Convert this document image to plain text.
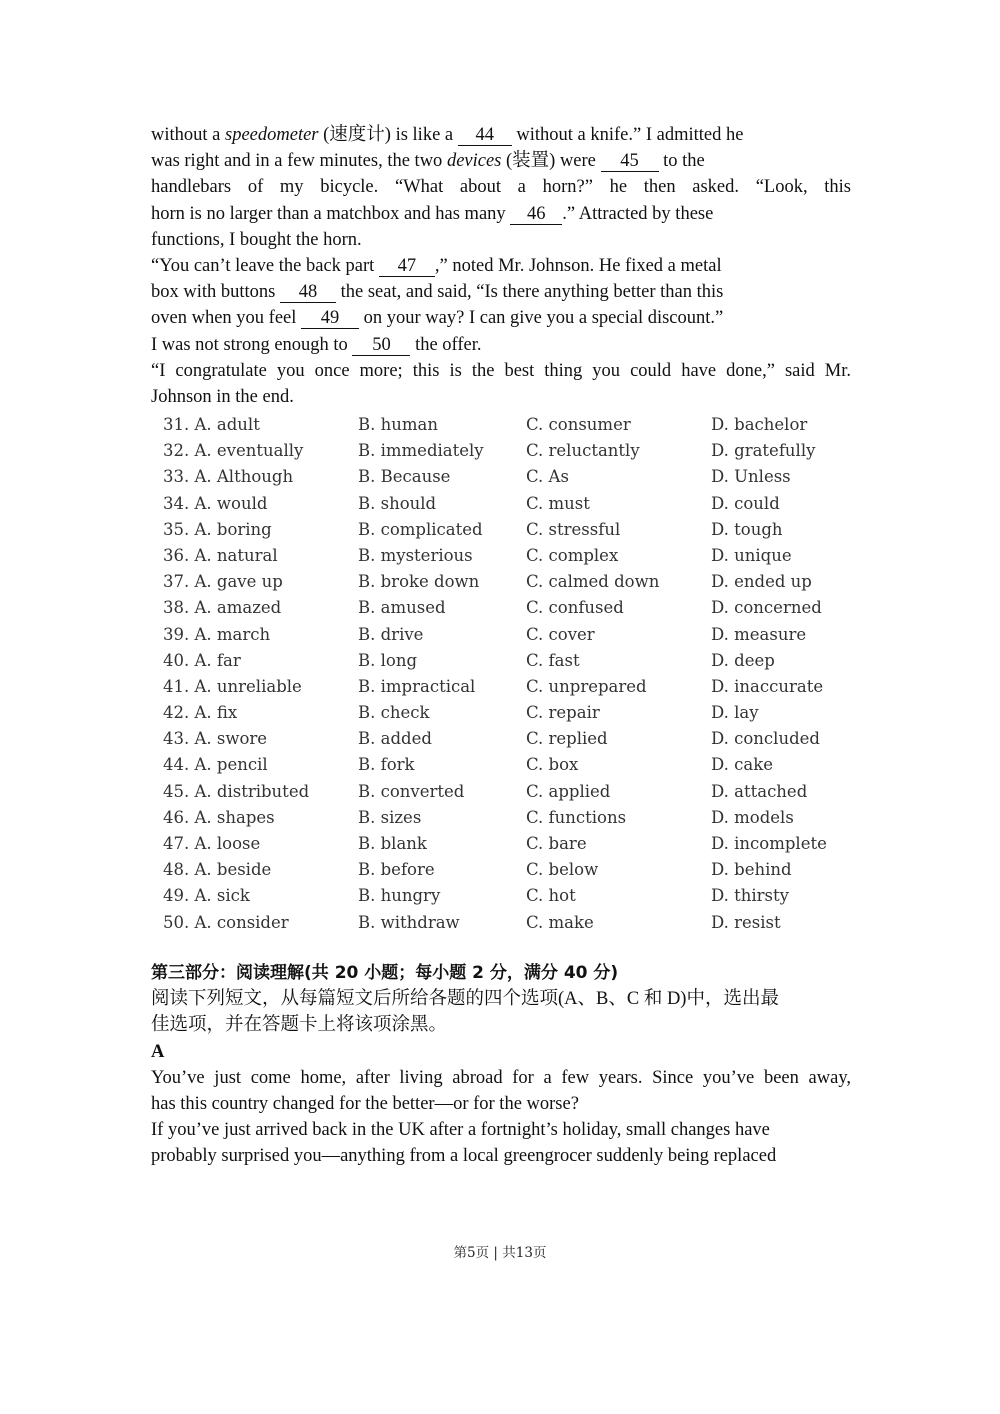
without a speedometer (速度计) is like a 44 without a knife.” I admitted he

was right and in a few minutes, the two devices (装置) were 45 to the

handlebars of my bicycle. “What about a horn?” he then asked. “Look, this

horn is no larger than a matchbox and has many 46 .” Attracted by these

functions, I bought the horn.

“You can’t leave the back part 47 ,” noted Mr. Johnson. He fixed a metal

box with buttons 48 the seat, and said, “Is there anything better than this

oven when you feel 49 on your way? I can give you a special discount.”

I was not strong enough to 50 the offer.

“I congratulate you once more; this is the best thing you could have done,” said Mr.

Johnson in the end.

31. A. adult	B. human	C. consumer	D. bachelor
32. A. eventually	B. immediately	C. reluctantly	D. gratefully
33. A. Although	B. Because	C. As	D. Unless
34. A. would	B. should	C. must	D. could
35. A. boring	B. complicated	C. stressful	D. tough
36. A. natural	B. mysterious	C. complex	D. unique
37. A. gave up	B. broke down	C. calmed down	D. ended up
38. A. amazed	B. amused	C. confused	D. concerned
39. A. march	B. drive	C. cover	D. measure
40. A. far	B. long	C. fast	D. deep
41. A. unreliable	B. impractical	C. unprepared	D. inaccurate
42. A. fix	B. check	C. repair	D. lay
43. A. swore	B. added	C. replied	D. concluded
44. A. pencil	B. fork	C. box	D. cake
45. A. distributed	B. converted	C. applied	D. attached
46. A. shapes	B. sizes	C. functions	D. models
47. A. loose	B. blank	C. bare	D. incomplete
48. A. beside	B. before	C. below	D. behind
49. A. sick	B. hungry	C. hot	D. thirsty
50. A. consider	B. withdraw	C. make	D. resist

第三部分：阅读理解(共 20 小题；每小题 2 分，满分 40 分)

阅读下列短文，从每篇短文后所给各题的四个选项(A、B、C 和 D)中，选出最

佳选项，并在答题卡上将该项涂黑。

A

You’ve just come home, after living abroad for a few years. Since you’ve been away,

has this country changed for the better—or for the worse?

If you’ve just arrived back in the UK after a fortnight’s holiday, small changes have

probably surprised you—anything from a local greengrocer suddenly being replaced

第5页 | 共13页
